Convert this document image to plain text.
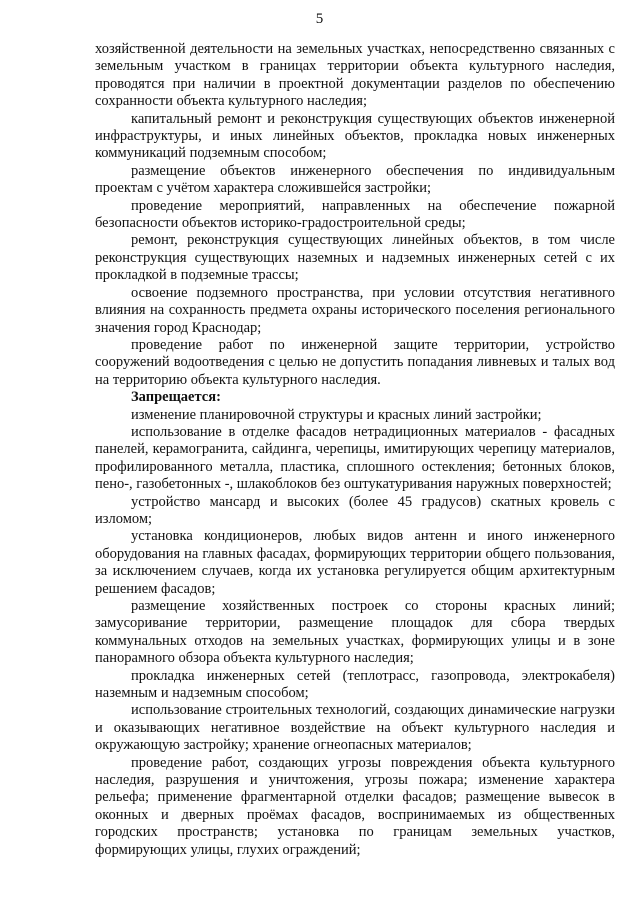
5

хозяйственной деятельности на земельных участках, непосредственно связанных с земельным участком в границах территории объекта культурного наследия, проводятся при наличии в проектной документации разделов по обеспечению сохранности объекта культурного наследия;

капитальный ремонт и реконструкция существующих объектов инженерной инфраструктуры, и иных линейных объектов, прокладка новых инженерных коммуникаций подземным способом;

размещение объектов инженерного обеспечения по индивидуальным проектам с учётом характера сложившейся застройки;

проведение мероприятий, направленных на обеспечение пожарной безопасности объектов историко-градостроительной среды;

ремонт, реконструкция существующих линейных объектов, в том числе реконструкция существующих наземных и надземных инженерных сетей с их прокладкой в подземные трассы;

освоение подземного пространства, при условии отсутствия негативного влияния на сохранность предмета охраны исторического поселения регионального значения город Краснодар;

проведение работ по инженерной защите территории, устройство сооружений водоотведения с целью не допустить попадания ливневых и талых вод на территорию объекта культурного наследия.

Запрещается:

изменение планировочной структуры и красных линий застройки;

использование в отделке фасадов нетрадиционных материалов - фасадных панелей, керамогранита, сайдинга, черепицы, имитирующих черепицу материалов, профилированного металла, пластика, сплошного остекления; бетонных блоков, пено-, газобетонных -, шлакоблоков без оштукатуривания наружных поверхностей;

устройство мансард и высоких (более 45 градусов) скатных кровель с изломом;

установка кондиционеров, любых видов антенн и иного инженерного оборудования на главных фасадах, формирующих территории общего пользования, за исключением случаев, когда их установка регулируется общим архитектурным решением фасадов;

размещение хозяйственных построек со стороны красных линий; замусоривание территории, размещение площадок для сбора твердых коммунальных отходов на земельных участках, формирующих улицы и в зоне панорамного обзора объекта культурного наследия;

прокладка инженерных сетей (теплотрасс, газопровода, электрокабеля) наземным и надземным способом;

использование строительных технологий, создающих динамические нагрузки и оказывающих негативное воздействие на объект культурного наследия и окружающую застройку; хранение огнеопасных материалов;

проведение работ, создающих угрозы повреждения объекта культурного наследия, разрушения и уничтожения, угрозы пожара; изменение характера рельефа; применение фрагментарной отделки фасадов; размещение вывесок в оконных и дверных проёмах фасадов, воспринимаемых из общественных городских пространств; установка по границам земельных участков, формирующих улицы, глухих ограждений;
